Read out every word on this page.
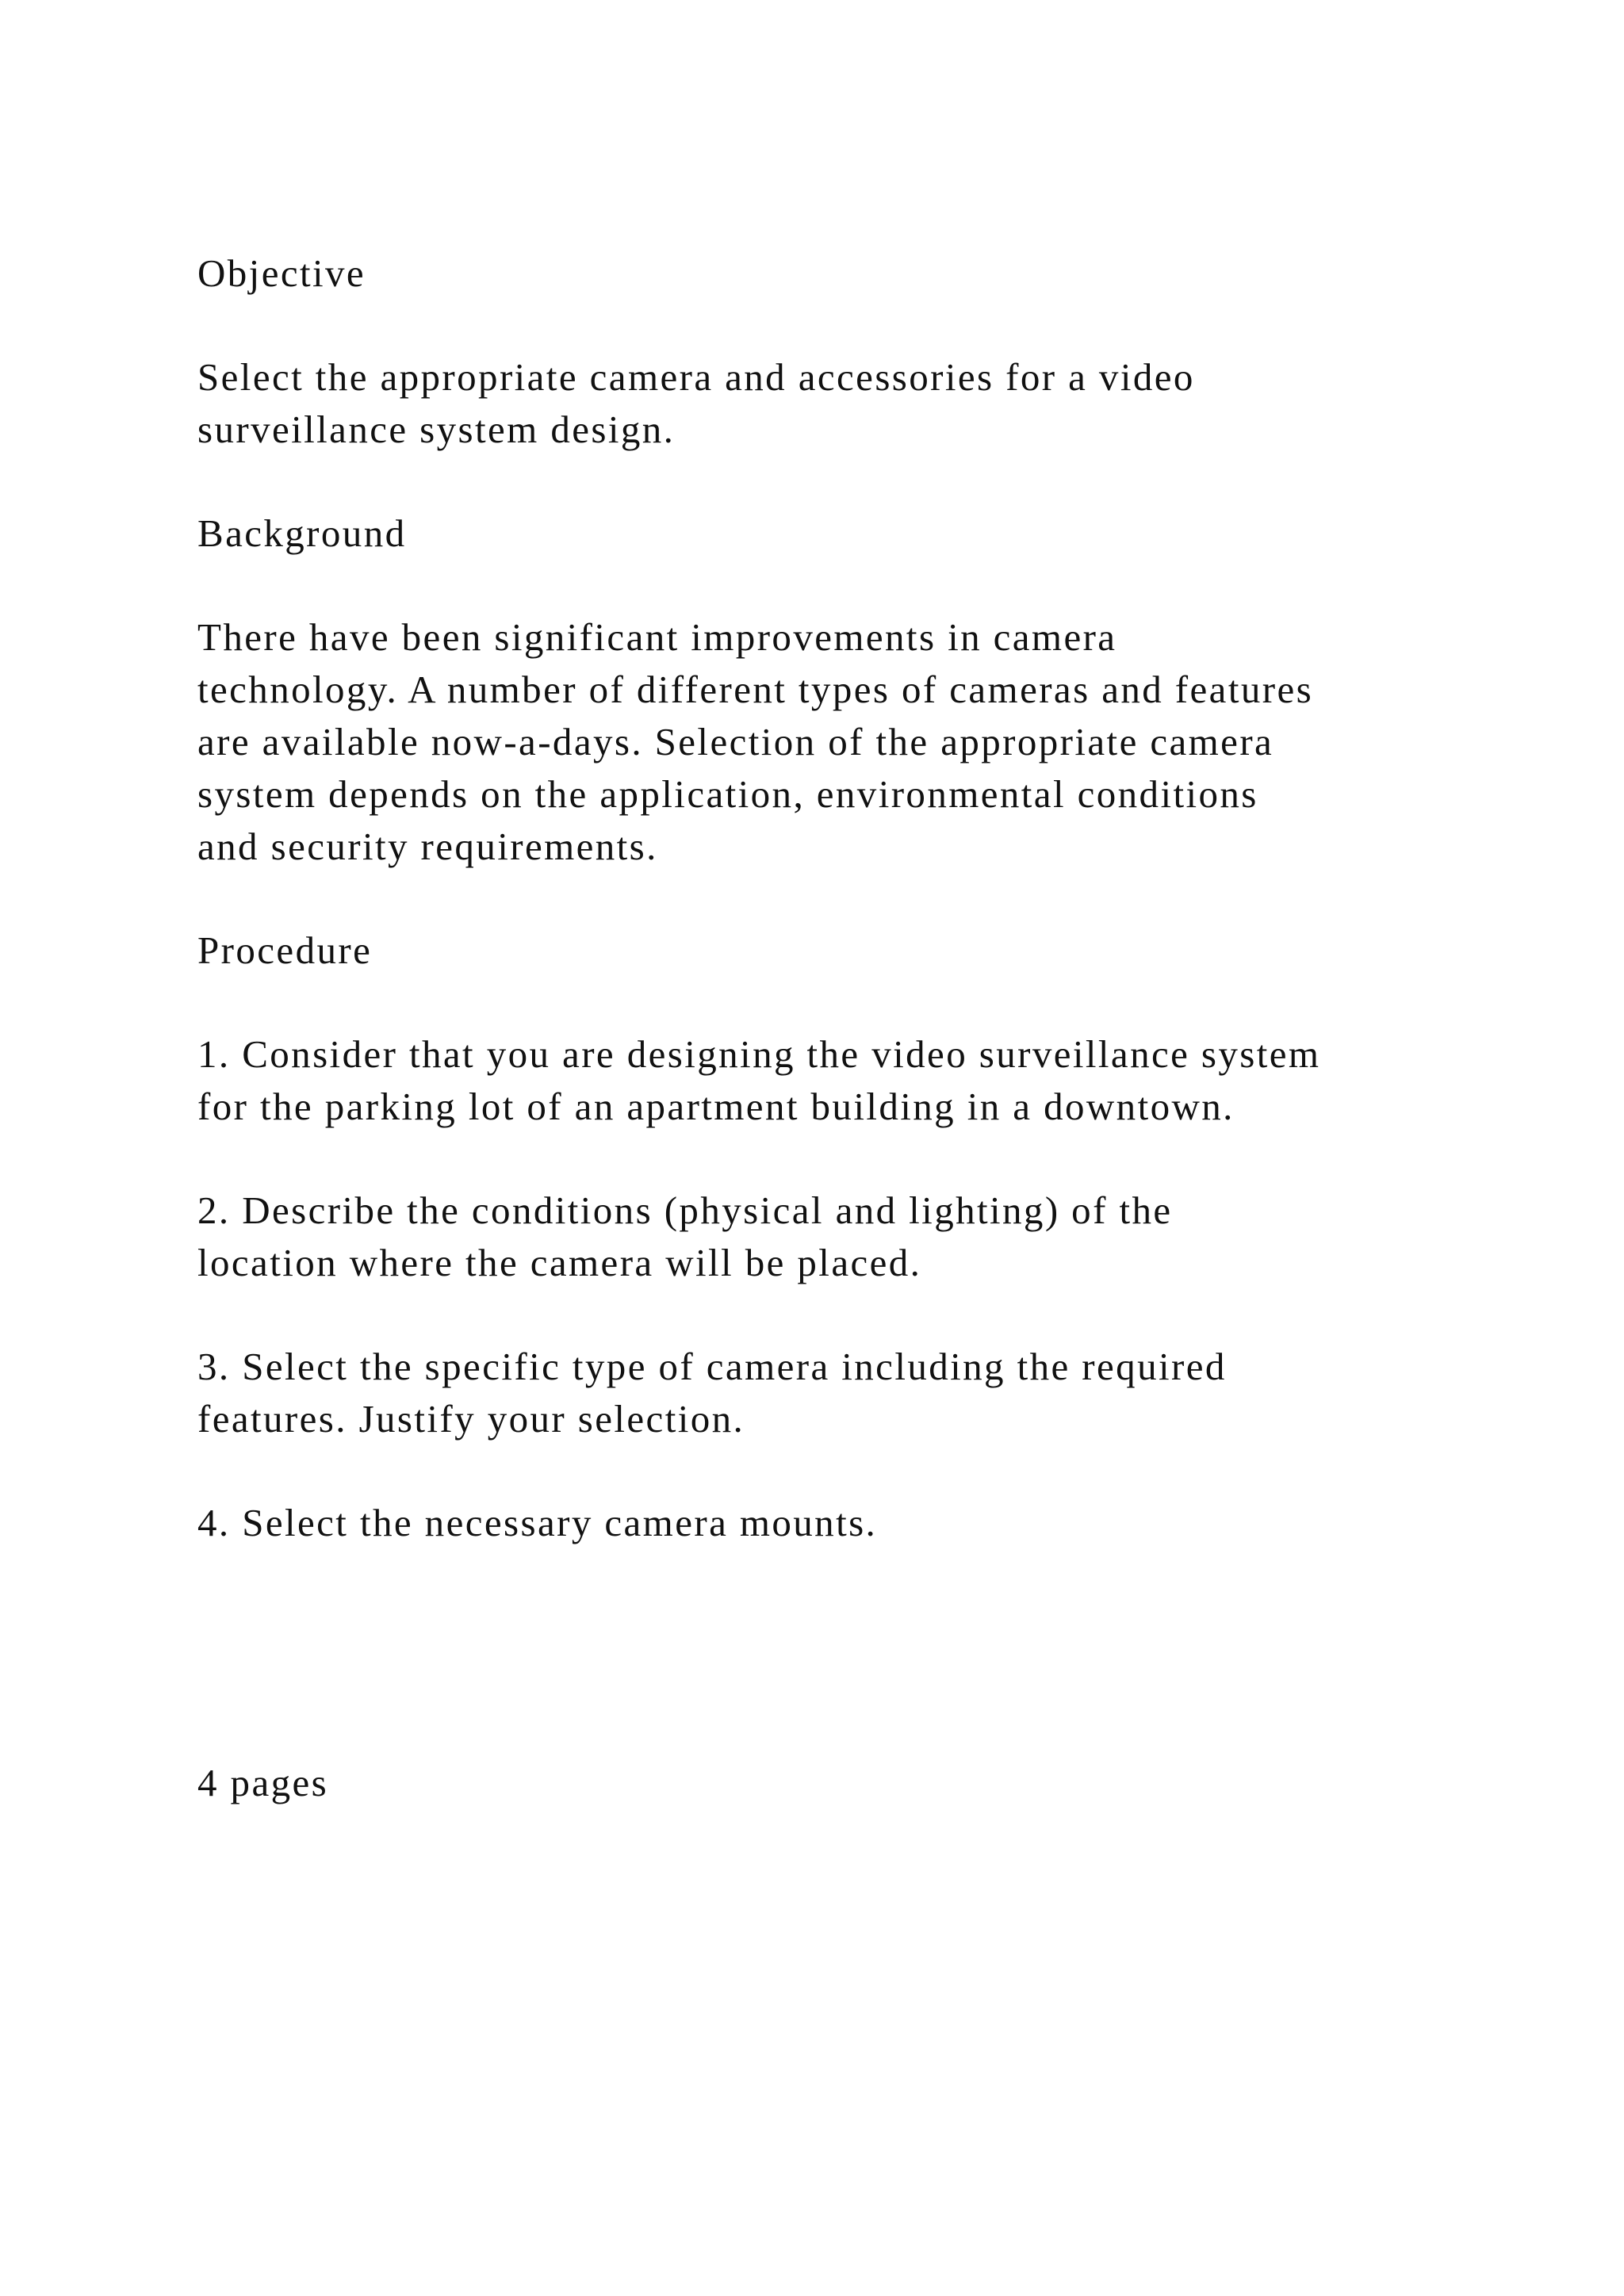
Objective

Select the appropriate camera and accessories for a video

surveillance system design.

Background

There have been significant improvements in camera

technology. A number of different types of cameras and features

are available now-a-days. Selection of the appropriate camera

system depends on the application, environmental conditions

and security requirements.

Procedure

1. Consider that you are designing the video surveillance system

for the parking lot of an apartment building in a downtown.

2. Describe the conditions (physical and lighting) of the

location where the camera will be placed.

3. Select the specific type of camera including the required

features. Justify your selection.

4. Select the necessary camera mounts.

4 pages
